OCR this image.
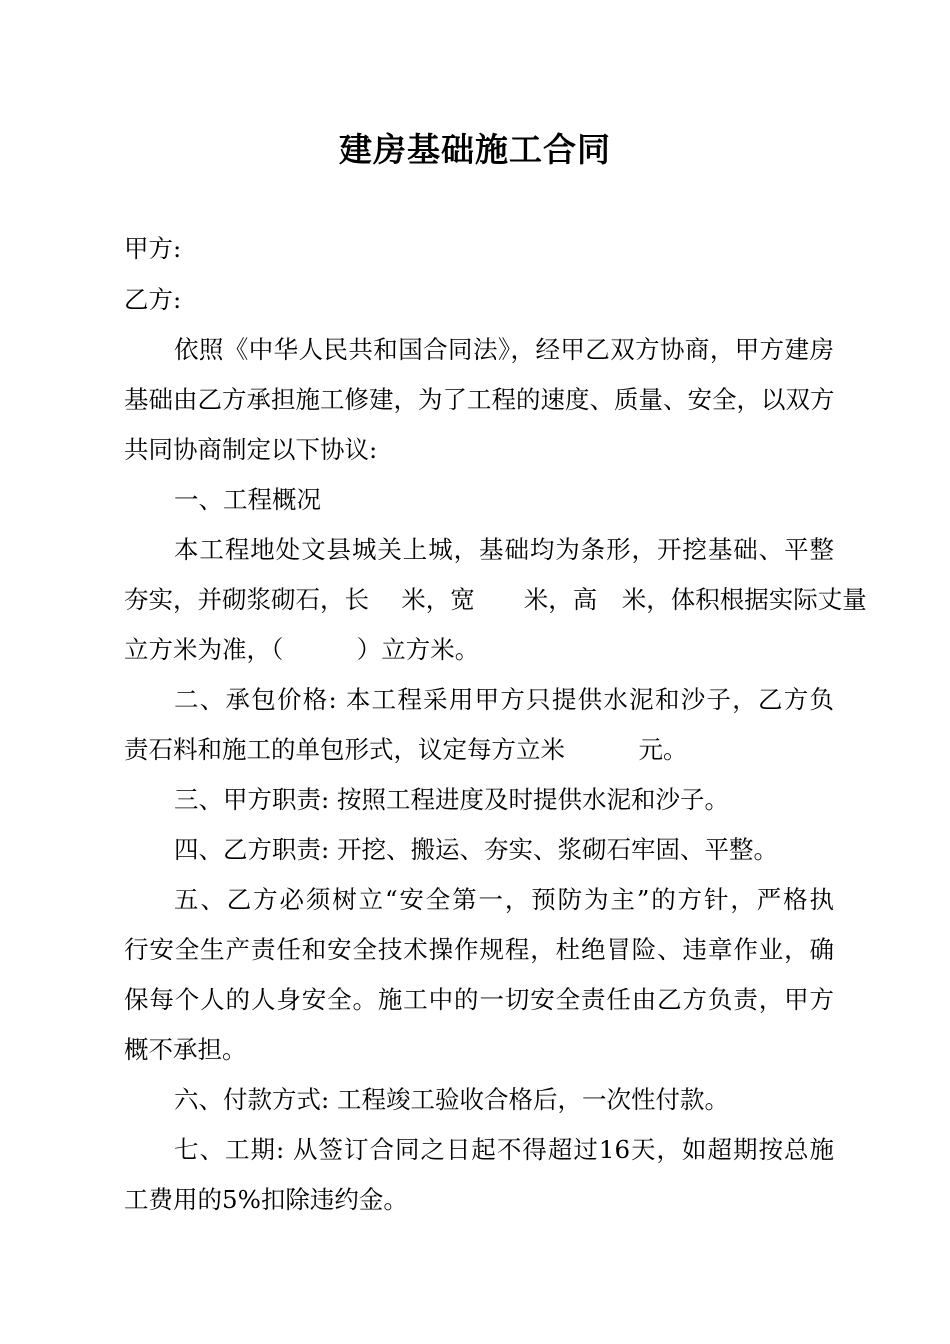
建房基础施工合同
甲方:
乙方:
依照《中华人民共和国合同法》，经甲乙双方协商，甲方建房
基础由乙方承担施工修建，为了工程的速度、质量、安全，以双方
共同协商制定以下协议:
一、工程概况
本工程地处文县城关上城，基础均为条形，开挖基础、平整
夯实，并砌浆砌石，长　 米，宽　　米，高　米，体积根据实际丈量
立方米为准，（　　　）立方米。
二、承包价格: 本工程采用甲方只提供水泥和沙子，乙方负
责石料和施工的单包形式，议定每方立米　　　元。
三、甲方职责: 按照工程进度及时提供水泥和沙子。
四、乙方职责: 开挖、搬运、夯实、浆砌石牢固、平整。
五、乙方必须树立“安全第一，预防为主”的方针，严格执
行安全生产责任和安全技术操作规程，杜绝冒险、违章作业，确
保每个人的人身安全。施工中的一切安全责任由乙方负责，甲方
概不承担。
六、付款方式: 工程竣工验收合格后，一次性付款。
七、工期: 从签订合同之日起不得超过16天，如超期按总施
工费用的5%扣除违约金。
